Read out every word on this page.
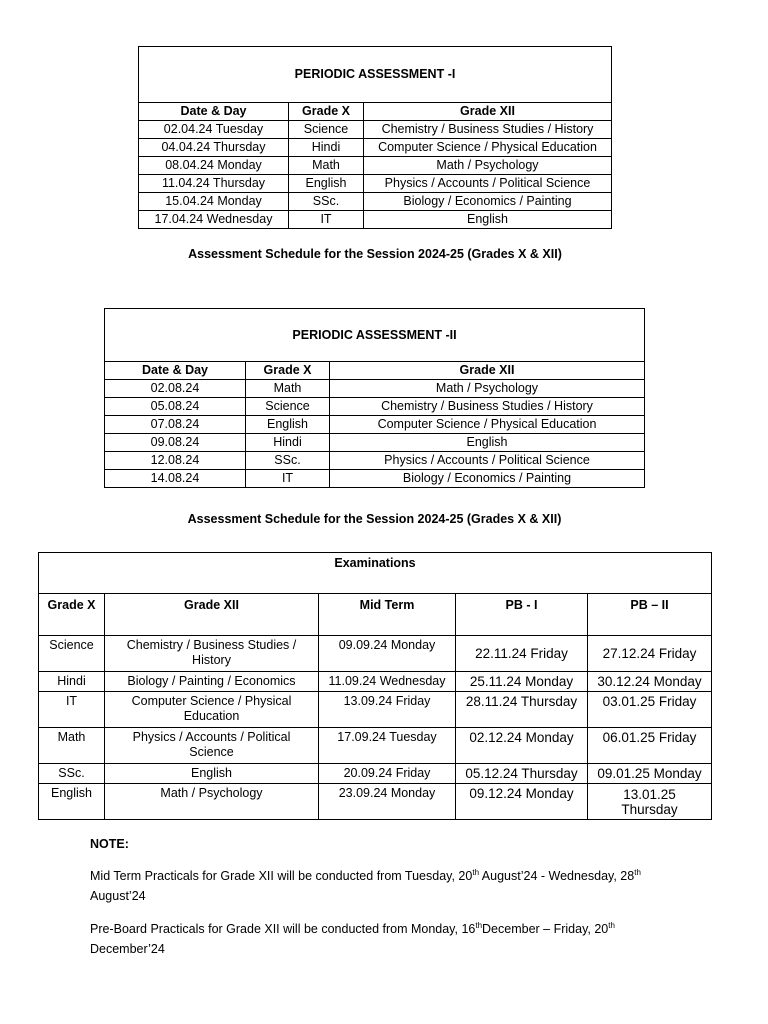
PERIODIC ASSESSMENT -I		
Date & Day	Grade X	Grade XII
02.04.24 Tuesday	Science	Chemistry / Business Studies / History
04.04.24 Thursday	Hindi	Computer Science / Physical Education
08.04.24 Monday	Math	Math / Psychology
11.04.24 Thursday	English	Physics / Accounts / Political Science
15.04.24 Monday	SSc.	Biology / Economics / Painting
17.04.24 Wednesday	IT	English
Assessment Schedule for the Session 2024-25 (Grades X & XII)
PERIODIC ASSESSMENT -II		
Date & Day	Grade X	Grade XII
02.08.24	Math	Math / Psychology
05.08.24	Science	Chemistry / Business Studies / History
07.08.24	English	Computer Science / Physical Education
09.08.24	Hindi	English
12.08.24	SSc.	Physics / Accounts / Political Science
14.08.24	IT	Biology / Economics / Painting
Assessment Schedule for the Session 2024-25 (Grades X & XII)
Examinations				
Grade X	Grade XII	Mid Term	PB - I	PB – II
Science	Chemistry / Business Studies / History	09.09.24 Monday	22.11.24 Friday	27.12.24 Friday
Hindi	Biology / Painting / Economics	11.09.24 Wednesday	25.11.24 Monday	30.12.24 Monday
IT	Computer Science / Physical Education	13.09.24 Friday	28.11.24 Thursday	03.01.25 Friday
Math	Physics / Accounts / Political Science	17.09.24 Tuesday	02.12.24 Monday	06.01.25 Friday
SSc.	English	20.09.24 Friday	05.12.24 Thursday	09.01.25 Monday
English	Math / Psychology	23.09.24 Monday	09.12.24 Monday	13.01.25 Thursday
NOTE:
Mid Term Practicals for Grade XII will be conducted from Tuesday, 20th August’24 - Wednesday, 28th August’24
Pre-Board Practicals for Grade XII will be conducted from Monday, 16thDecember – Friday, 20th December’24
